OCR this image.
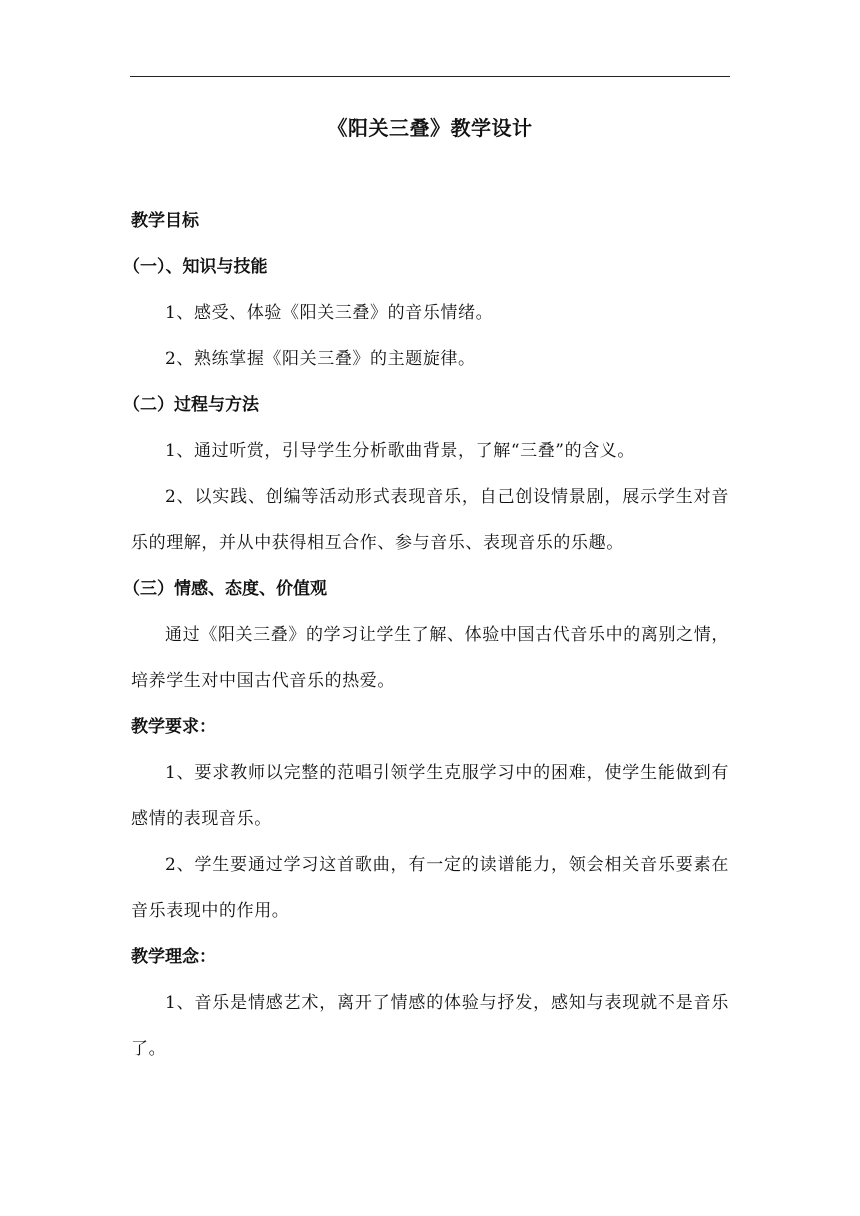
《阳关三叠》教学设计
教学目标
（一）、知识与技能

1、感受、体验《阳关三叠》的音乐情绪。

2、熟练掌握《阳关三叠》的主题旋律。

（二）过程与方法

1、通过听赏，引导学生分析歌曲背景，了解“三叠”的含义。

2、以实践、创编等活动形式表现音乐，自己创设情景剧，展示学生对音乐的理解，并从中获得相互合作、参与音乐、表现音乐的乐趣。

（三）情感、态度、价值观

通过《阳关三叠》的学习让学生了解、体验中国古代音乐中的离别之情，培养学生对中国古代音乐的热爱。

教学要求：

1、要求教师以完整的范唱引领学生克服学习中的困难，使学生能做到有感情的表现音乐。

2、学生要通过学习这首歌曲，有一定的读谱能力，领会相关音乐要素在音乐表现中的作用。

教学理念：

1、音乐是情感艺术，离开了情感的体验与抒发，感知与表现就不是音乐了。
